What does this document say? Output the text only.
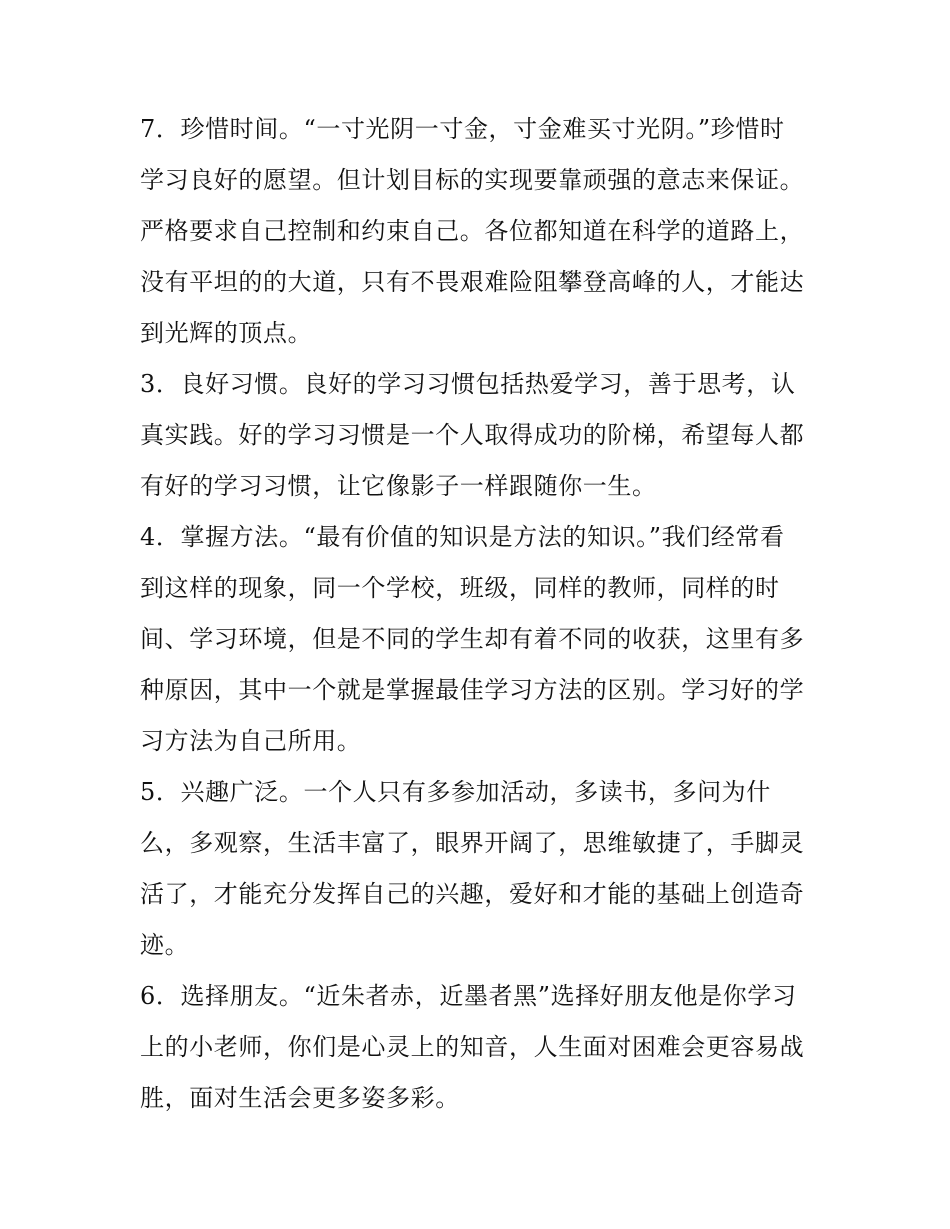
7．珍惜时间。“一寸光阴一寸金，寸金难买寸光阴。”珍惜时
学习良好的愿望。但计划目标的实现要靠顽强的意志来保证。
严格要求自己控制和约束自己。各位都知道在科学的道路上，
没有平坦的的大道，只有不畏艰难险阻攀登高峰的人，才能达
到光辉的顶点。
3．良好习惯。良好的学习习惯包括热爱学习，善于思考，认
真实践。好的学习习惯是一个人取得成功的阶梯，希望每人都
有好的学习习惯，让它像影子一样跟随你一生。
4．掌握方法。“最有价值的知识是方法的知识。”我们经常看
到这样的现象，同一个学校，班级，同样的教师，同样的时
间、学习环境，但是不同的学生却有着不同的收获，这里有多
种原因，其中一个就是掌握最佳学习方法的区别。学习好的学
习方法为自己所用。
5．兴趣广泛。一个人只有多参加活动，多读书，多问为什
么，多观察，生活丰富了，眼界开阔了，思维敏捷了，手脚灵
活了，才能充分发挥自己的兴趣，爱好和才能的基础上创造奇
迹。
6．选择朋友。“近朱者赤，近墨者黑”选择好朋友他是你学习
上的小老师，你们是心灵上的知音，人生面对困难会更容易战
胜，面对生活会更多姿多彩。
